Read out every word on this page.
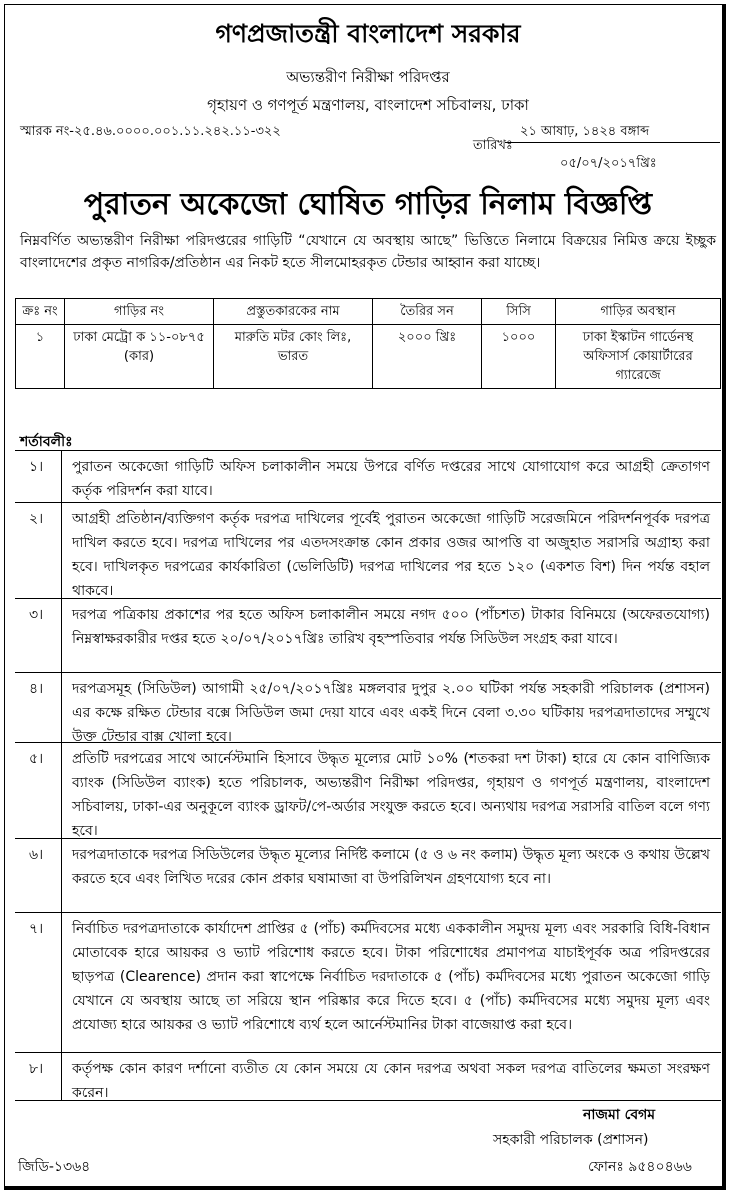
গণপ্রজাতন্ত্রী বাংলাদেশ সরকার
অভ্যন্তরীণ নিরীক্ষা পরিদপ্তর
গৃহায়ণ ও গণপূর্ত মন্ত্রণালয়, বাংলাদেশ সচিবালয়, ঢাকা
স্মারক নং-২৫.৪৬.০০০০.০০১.১১.২৪২.১১-৩২২	২১ আষাঢ়, ১৪২৪ বঙ্গাব্দ
তারিখঃ
০৫/০৭/২০১৭খ্রিঃ
পুরাতন অকেজো ঘোষিত গাড়ির নিলাম বিজ্ঞপ্তি
নিম্নবর্ণিত অভ্যন্তরীণ নিরীক্ষা পরিদপ্তরের গাড়িটি “যেখানে যে অবস্থায় আছে” ভিত্তিতে নিলামে বিক্রয়ের নিমিত্ত ক্রয়ে ইচ্ছুক বাংলাদেশের প্রকৃত নাগরিক/প্রতিষ্ঠান এর নিকট হতে সীলমোহরকৃত টেন্ডার আহ্বান করা যাচ্ছে।
ক্রঃ নং	গাড়ির নং	প্রস্তুতকারকের নাম	তৈরির সন	সিসি	গাড়ির অবস্থান
১	ঢাকা মেট্রো ক ১১-০৮৭৫ (কার)	মারুতি মটর কোং লিঃ, ভারত	২০০০ খ্রিঃ	১০০০	ঢাকা ইস্কাটন গার্ডেনস্থ অফিসার্স কোয়ার্টারের গ্যারেজে
শর্তাবলীঃ
১। পুরাতন অকেজো গাড়িটি অফিস চলাকালীন সময়ে উপরে বর্ণিত দপ্তরের সাথে যোগাযোগ করে আগ্রহী ক্রেতাগণ কর্তৃক পরিদর্শন করা যাবে।
২। আগ্রহী প্রতিষ্ঠান/ব্যক্তিগণ কর্তৃক দরপত্র দাখিলের পূর্বেই পুরাতন অকেজো গাড়িটি সরেজমিনে পরিদর্শনপূর্বক দরপত্র দাখিল করতে হবে। দরপত্র দাখিলের পর এতদসংক্রান্ত কোন প্রকার ওজর আপত্তি বা অজুহাত সরাসরি অগ্রাহ্য করা হবে। দাখিলকৃত দরপত্রের কার্যকারিতা (ভেলিডিটি) দরপত্র দাখিলের পর হতে ১২০ (একশত বিশ) দিন পর্যন্ত বহাল থাকবে।
৩। দরপত্র পত্রিকায় প্রকাশের পর হতে অফিস চলাকালীন সময়ে নগদ ৫০০ (পাঁচশত) টাকার বিনিময়ে (অফেরতযোগ্য) নিম্নস্বাক্ষরকারীর দপ্তর হতে ২০/০৭/২০১৭খ্রিঃ তারিখ বৃহস্পতিবার পর্যন্ত সিডিউল সংগ্রহ করা যাবে।
৪। দরপত্রসমূহ (সিডিউল) আগামী ২৫/০৭/২০১৭খ্রিঃ মঙ্গলবার দুপুর ২.০০ ঘটিকা পর্যন্ত সহকারী পরিচালক (প্রশাসন) এর কক্ষে রক্ষিত টেন্ডার বক্সে সিডিউল জমা দেয়া যাবে এবং একই দিনে বেলা ৩.৩০ ঘটিকায় দরপত্রদাতাদের সম্মুখে উক্ত টেন্ডার বাক্স খোলা হবে।
৫। প্রতিটি দরপত্রের সাথে আর্নেস্টমানি হিসাবে উদ্ধৃত মূল্যের মোট ১০% (শতকরা দশ টাকা) হারে যে কোন বাণিজ্যিক ব্যাংক (সিডিউল ব্যাংক) হতে পরিচালক, অভ্যন্তরীণ নিরীক্ষা পরিদপ্তর, গৃহায়ণ ও গণপূর্ত মন্ত্রণালয়, বাংলাদেশ সচিবালয়, ঢাকা-এর অনুকূলে ব্যাংক ড্রাফট/পে-অর্ডার সংযুক্ত করতে হবে। অন্যথায় দরপত্র সরাসরি বাতিল বলে গণ্য হবে।
৬। দরপত্রদাতাকে দরপত্র সিডিউলের উদ্ধৃত মূল্যের নির্দিষ্ট কলামে (৫ ও ৬ নং কলাম) উদ্ধৃত মূল্য অংকে ও কথায় উল্লেখ করতে হবে এবং লিখিত দরের কোন প্রকার ঘষামাজা বা উপরিলিখন গ্রহণযোগ্য হবে না।
৭। নির্বাচিত দরপত্রদাতাকে কার্যাদেশ প্রাপ্তির ৫ (পাঁচ) কর্মদিবসের মধ্যে এককালীন সমুদয় মূল্য এবং সরকারি বিধি-বিধান মোতাবেক হারে আয়কর ও ভ্যাট পরিশোধ করতে হবে। টাকা পরিশোধের প্রমাণপত্র যাচাইপূর্বক অত্র পরিদপ্তরের ছাড়পত্র (Clearence) প্রদান করা স্বাপেক্ষে নির্বাচিত দরদাতাকে ৫ (পাঁচ) কর্মদিবসের মধ্যে পুরাতন অকেজো গাড়ি যেখানে যে অবস্থায় আছে তা সরিয়ে স্থান পরিষ্কার করে দিতে হবে। ৫ (পাঁচ) কর্মদিবসের মধ্যে সমুদয় মূল্য এবং প্রযোজ্য হারে আয়কর ও ভ্যাট পরিশোধে ব্যর্থ হলে আর্নেস্টমানির টাকা বাজেয়াপ্ত করা হবে।
৮। কর্তৃপক্ষ কোন কারণ দর্শানো ব্যতীত যে কোন সময়ে যে কোন দরপত্র অথবা সকল দরপত্র বাতিলের ক্ষমতা সংরক্ষণ করেন।
নাজমা বেগম
সহকারী পরিচালক (প্রশাসন)
জিডি-১৩৬৪	ফোনঃ ৯৫৪০৪৬৬
